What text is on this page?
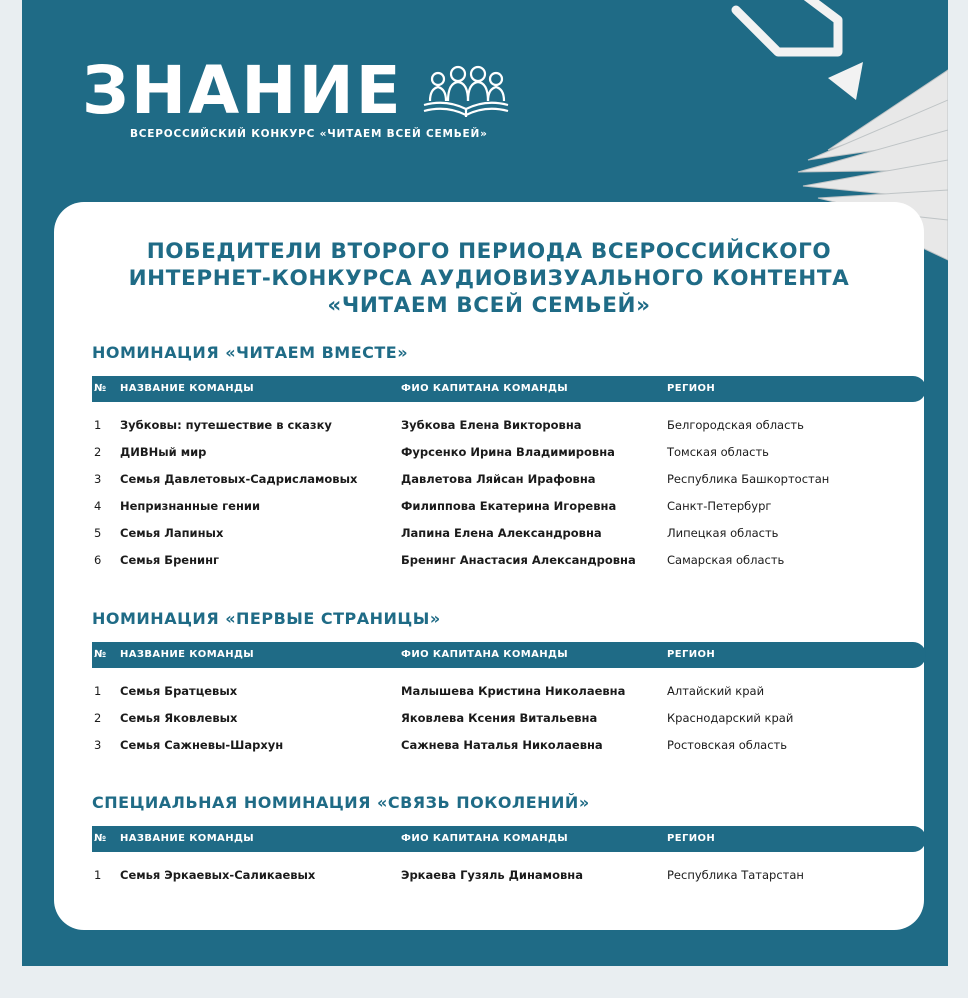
ЗНАНИЕ
ВСЕРОССИЙСКИЙ КОНКУРС «ЧИТАЕМ ВСЕЙ СЕМЬЕЙ»
ПОБЕДИТЕЛИ ВТОРОГО ПЕРИОДА ВСЕРОССИЙСКОГО
ИНТЕРНЕТ-КОНКУРСА АУДИОВИЗУАЛЬНОГО КОНТЕНТА
«ЧИТАЕМ ВСЕЙ СЕМЬЕЙ»
НОМИНАЦИЯ «ЧИТАЕМ ВМЕСТЕ»
№ НАЗВАНИЕ КОМАНДЫ	ФИО КАПИТАНА КОМАНДЫ	РЕГИОН
1 Зубковы: путешествие в сказку	Зубкова Елена Викторовна	Белгородская область
2 ДИВНый мир	Фурсенко Ирина Владимировна	Томская область
3 Семья Давлетовых-Садрисламовых	Давлетова Ляйсан Ирафовна	Республика Башкортостан
4 Непризнанные гении	Филиппова Екатерина Игоревна	Санкт-Петербург
5 Семья Лапиных	Лапина Елена Александровна	Липецкая область
6 Семья Бренинг	Бренинг Анастасия Александровна	Самарская область
НОМИНАЦИЯ «ПЕРВЫЕ СТРАНИЦЫ»
№ НАЗВАНИЕ КОМАНДЫ	ФИО КАПИТАНА КОМАНДЫ	РЕГИОН
1 Семья Братцевых	Малышева Кристина Николаевна	Алтайский край
2 Семья Яковлевых	Яковлева Ксения Витальевна	Краснодарский край
3 Семья Сажневы-Шархун	Сажнева Наталья Николаевна	Ростовская область
СПЕЦИАЛЬНАЯ НОМИНАЦИЯ «СВЯЗЬ ПОКОЛЕНИЙ»
№ НАЗВАНИЕ КОМАНДЫ	ФИО КАПИТАНА КОМАНДЫ	РЕГИОН
1 Семья Эркаевых-Саликаевых	Эркаева Гузяль Динамовна	Республика Татарстан
